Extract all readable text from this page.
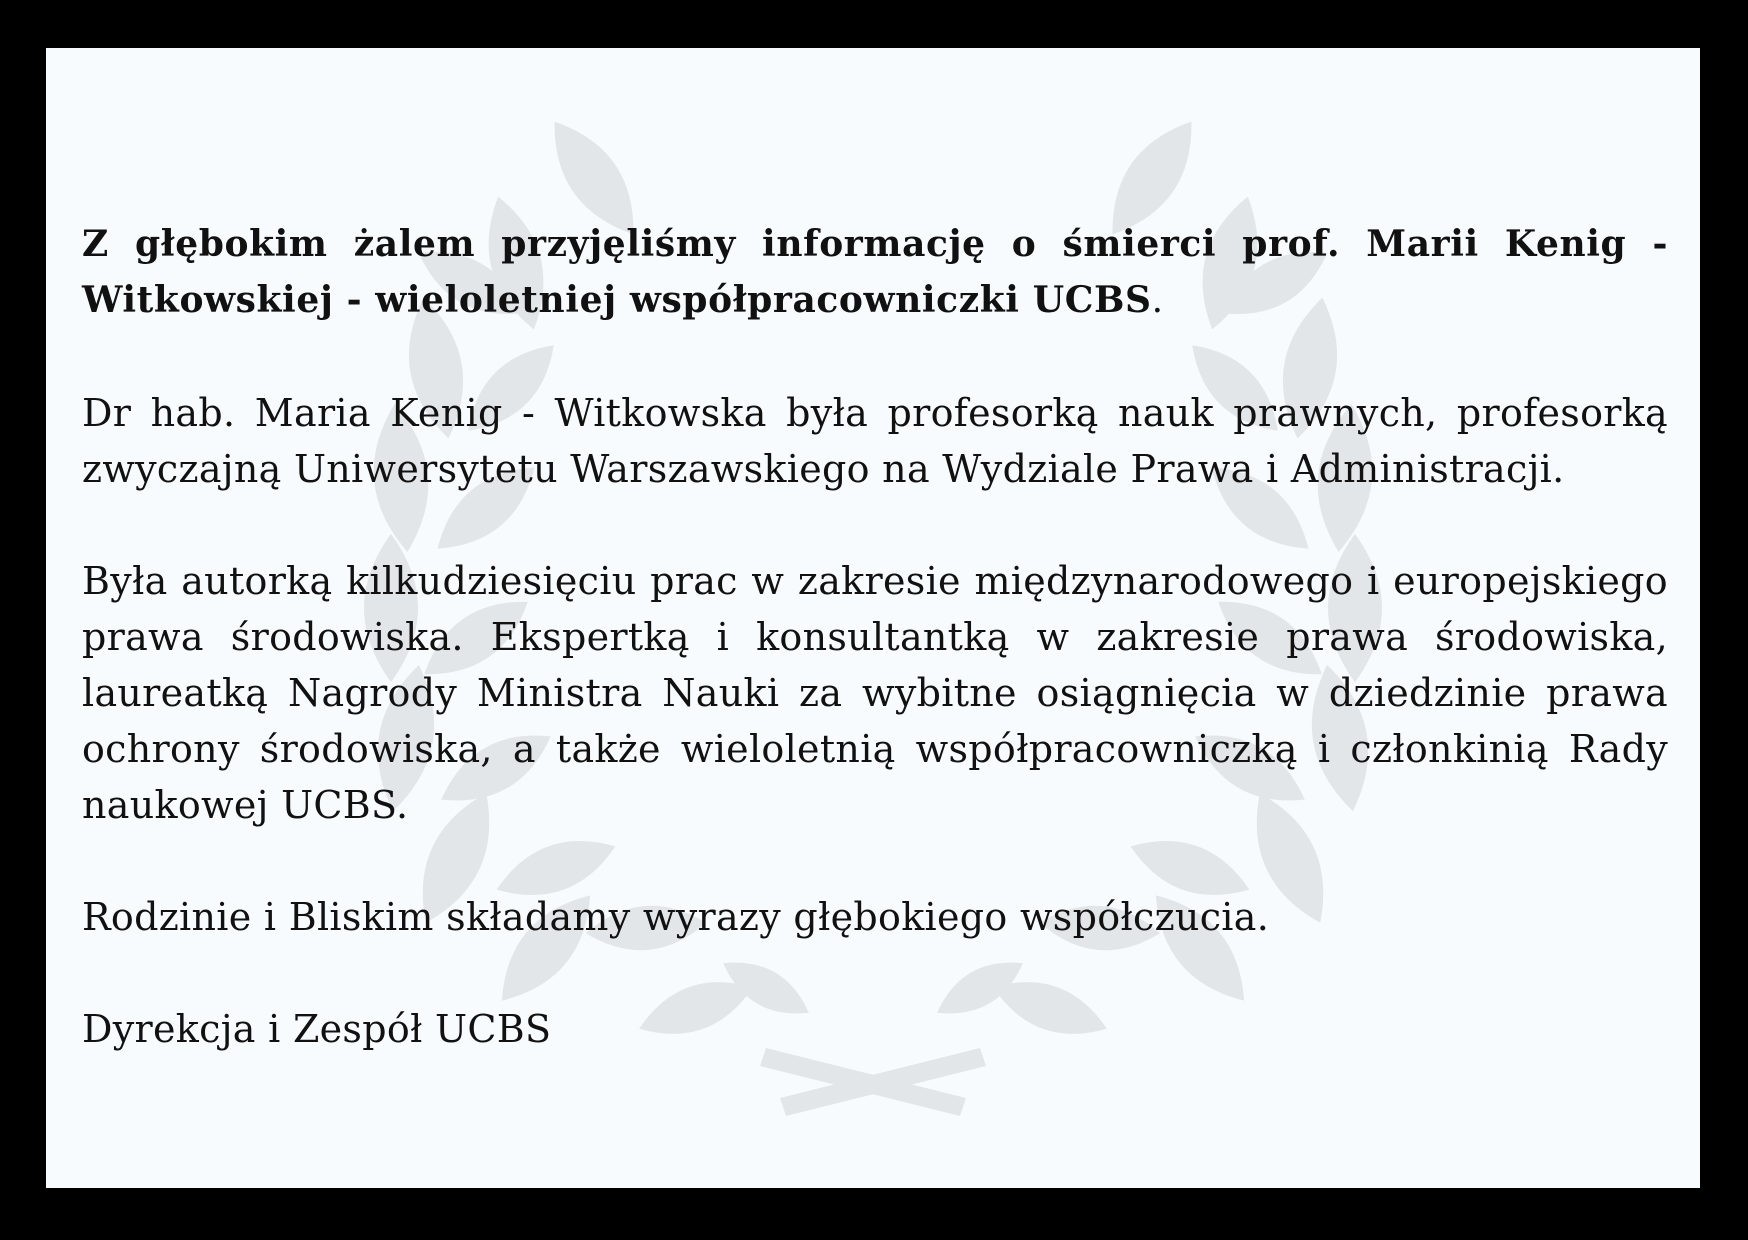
Z głębokim żalem przyjęliśmy informację o śmierci prof. Marii Kenig - Witkowskiej - wieloletniej współpracowniczki UCBS.

Dr hab. Maria Kenig - Witkowska była profesorką nauk prawnych, profesorką zwyczajną Uniwersytetu Warszawskiego na Wydziale Prawa i Administracji.

Była autorką kilkudziesięciu prac w zakresie międzynarodowego i europejskiego prawa środowiska. Ekspertką i konsultantką w zakresie prawa środowiska, laureatką Nagrody Ministra Nauki za wybitne osiągnięcia w dziedzinie prawa ochrony środowiska, a także wieloletnią współpracowniczką i członkinią Rady naukowej UCBS.

Rodzinie i Bliskim składamy wyrazy głębokiego współczucia.

Dyrekcja i Zespół UCBS
